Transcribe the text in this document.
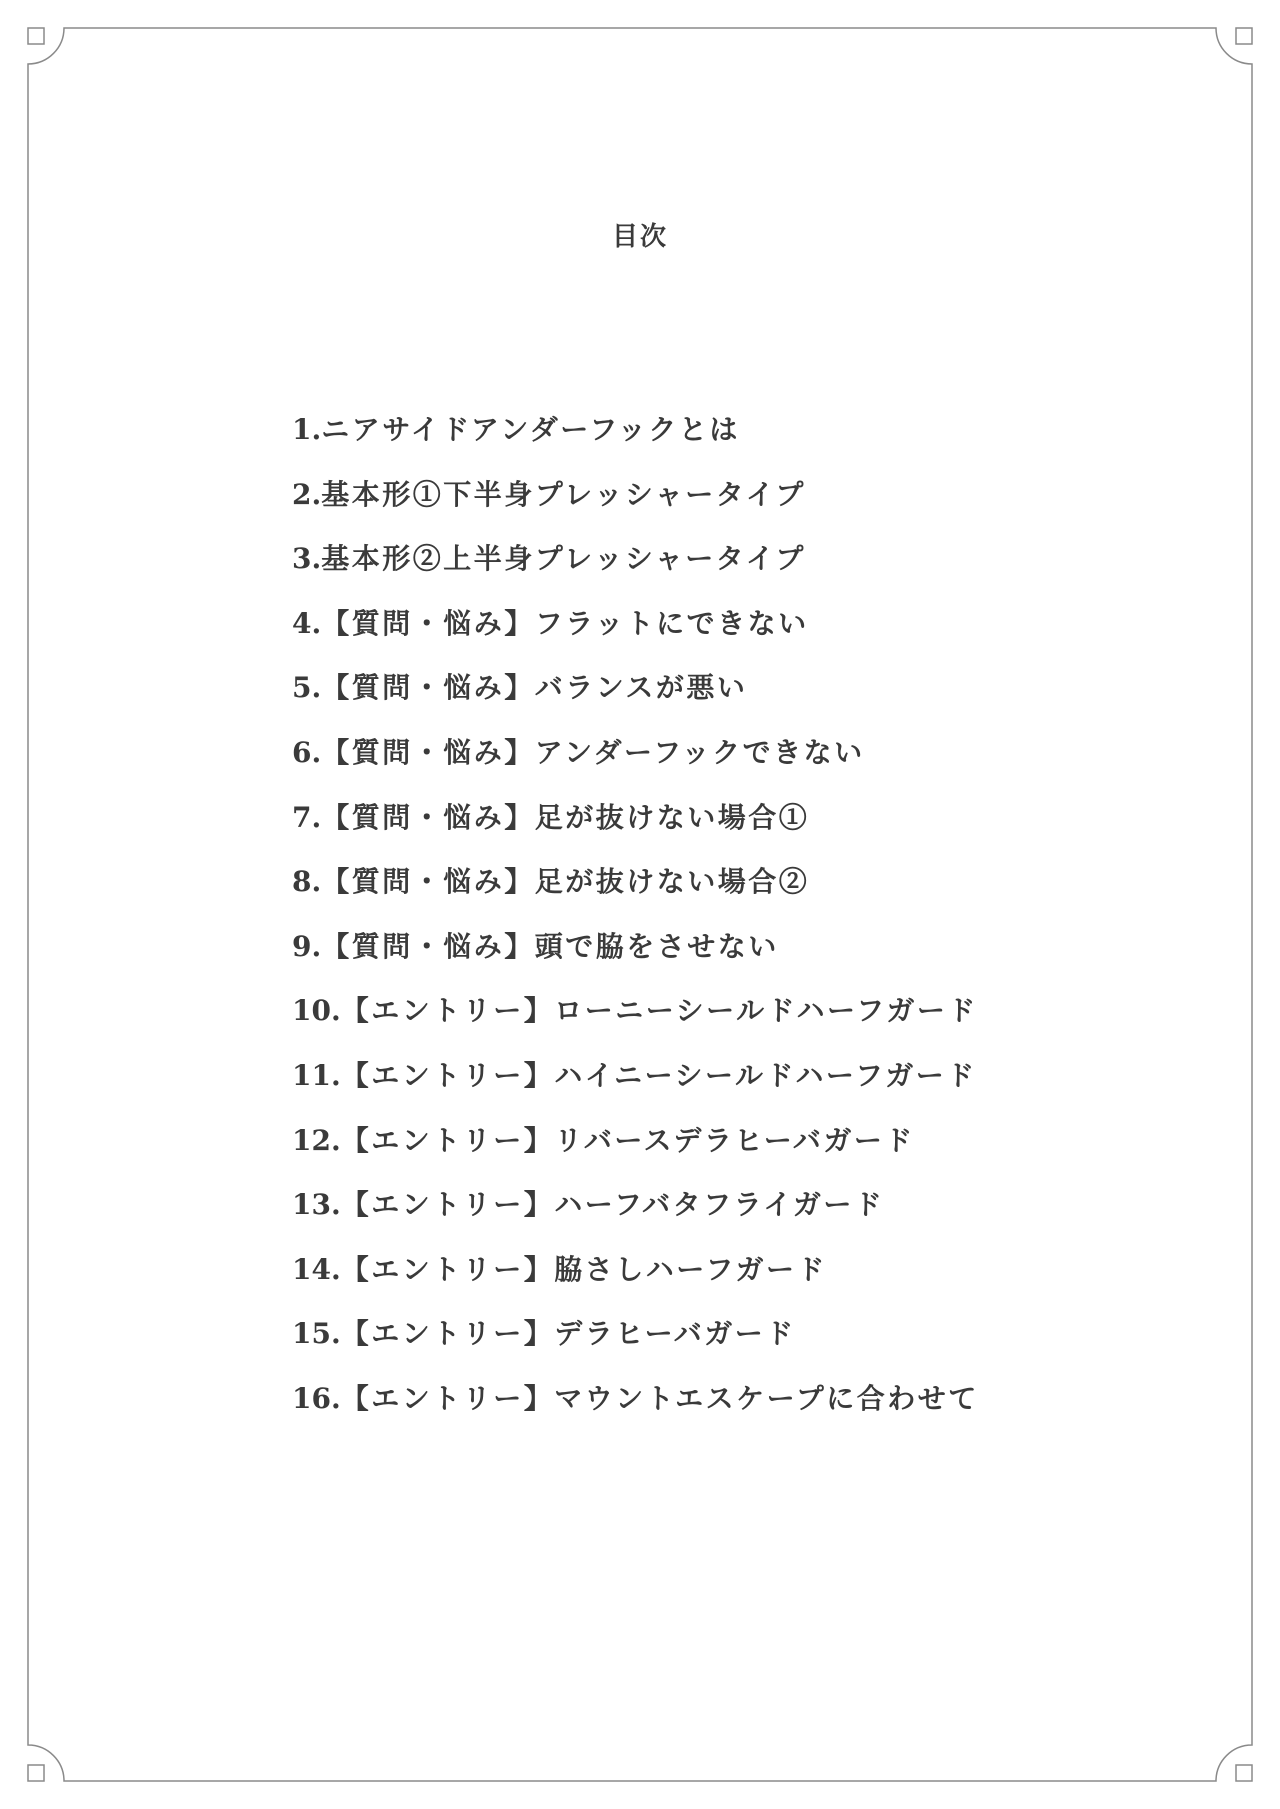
目次
1.ニアサイドアンダーフックとは
2.基本形①下半身プレッシャータイプ
3.基本形②上半身プレッシャータイプ
4.【質問・悩み】フラットにできない
5.【質問・悩み】バランスが悪い
6.【質問・悩み】アンダーフックできない
7.【質問・悩み】足が抜けない場合①
8.【質問・悩み】足が抜けない場合②
9.【質問・悩み】頭で脇をさせない
10.【エントリー】ローニーシールドハーフガード
11.【エントリー】ハイニーシールドハーフガード
12.【エントリー】リバースデラヒーバガード
13.【エントリー】ハーフバタフライガード
14.【エントリー】脇さしハーフガード
15.【エントリー】デラヒーバガード
16.【エントリー】マウントエスケープに合わせて
